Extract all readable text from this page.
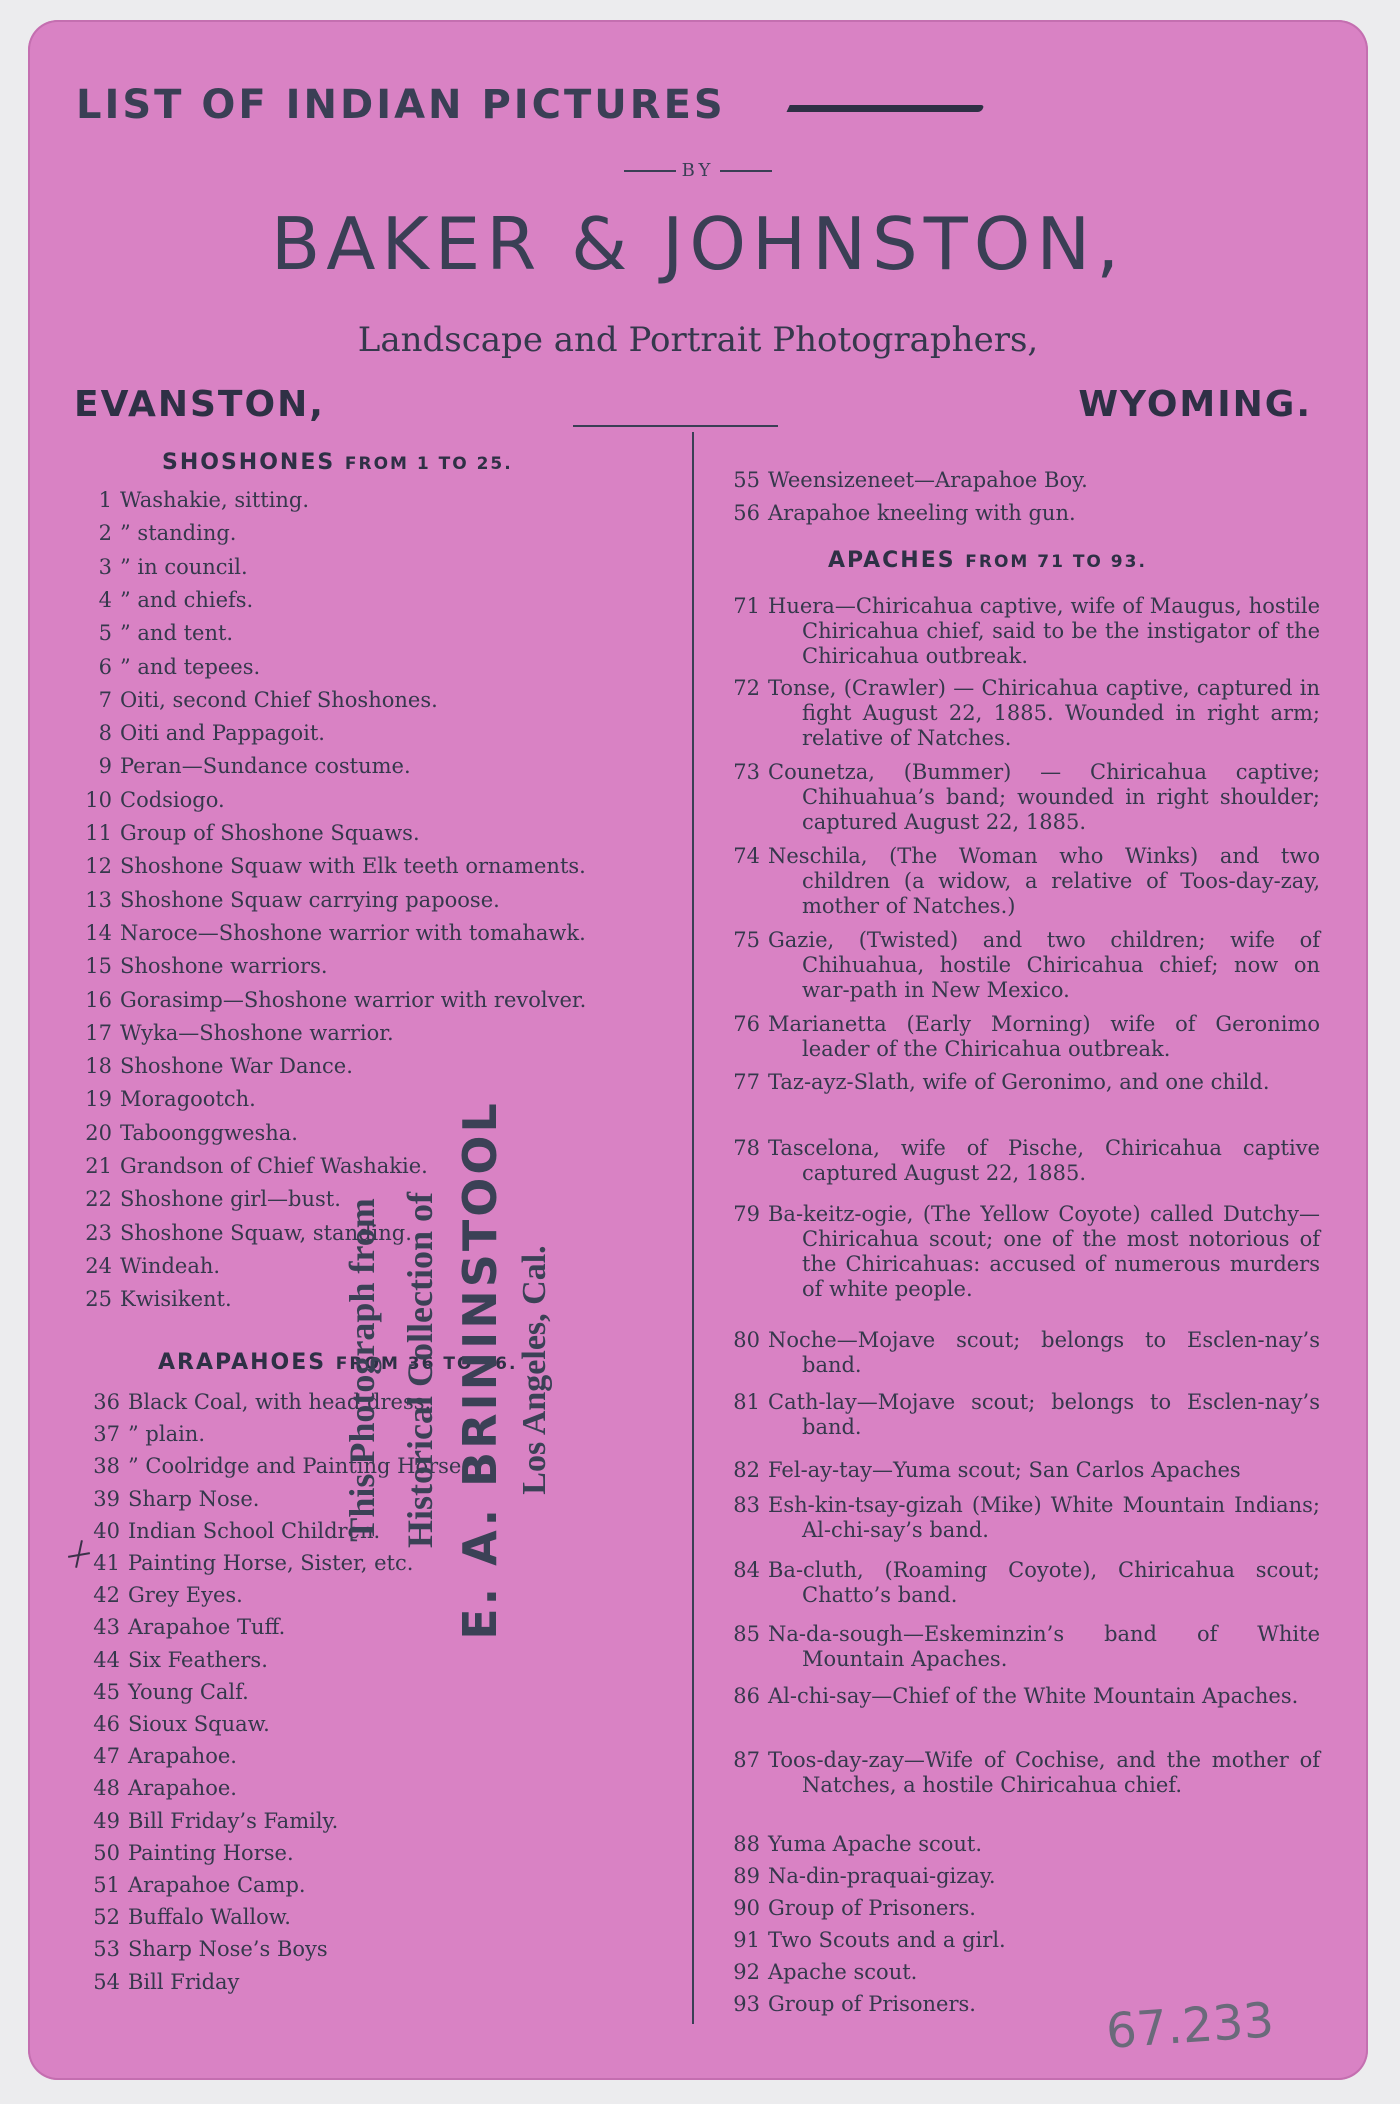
LIST OF INDIAN PICTURES
BY
BAKER & JOHNSTON,
Landscape and Portrait Photographers,
EVANSTON,	WYOMING.
SHOSHONES FROM 1 TO 25.
ARAPAHOES FROM 36 TO 56.
APACHES FROM 71 TO 93.
1 Washakie, sitting.
2 ” standing.
3 ” in council.
4 ” and chiefs.
5 ” and tent.
6 ” and tepees.
7 Oiti, second Chief Shoshones.
8 Oiti and Pappagoit.
9 Peran—Sundance costume.
10 Codsiogo.
11 Group of Shoshone Squaws.
12 Shoshone Squaw with Elk teeth ornaments.
13 Shoshone Squaw carrying papoose.
14 Naroce—Shoshone warrior with tomahawk.
15 Shoshone warriors.
16 Gorasimp—Shoshone warrior with revolver.
17 Wyka—Shoshone warrior.
18 Shoshone War Dance.
19 Moragootch.
20 Taboonggwesha.
21 Grandson of Chief Washakie.
22 Shoshone girl—bust.
23 Shoshone Squaw, standing.
24 Windeah.
25 Kwisikent.
36 Black Coal, with head dress.
37 ” plain.
38 ” Coolridge and Painting Horse.
39 Sharp Nose.
40 Indian School Children.
41 Painting Horse, Sister, etc.
42 Grey Eyes.
43 Arapahoe Tuff.
44 Six Feathers.
45 Young Calf.
46 Sioux Squaw.
47 Arapahoe.
48 Arapahoe.
49 Bill Friday’s Family.
50 Painting Horse.
51 Arapahoe Camp.
52 Buffalo Wallow.
53 Sharp Nose’s Boys
54 Bill Friday
55 Weensizeneet—Arapahoe Boy.
56 Arapahoe kneeling with gun.
71 Huera—Chiricahua captive, wife of Maugus, hostile Chiricahua chief, said to be the instigator of the Chiricahua outbreak.
72 Tonse, (Crawler) — Chiricahua captive, captured in fight August 22, 1885. Wounded in right arm; relative of Natches.
73 Counetza, (Bummer) — Chiricahua captive; Chihuahua’s band; wounded in right shoulder; captured August 22, 1885.
74 Neschila, (The Woman who Winks) and two children (a widow, a relative of Toos-day-zay, mother of Natches.)
75 Gazie, (Twisted) and two children; wife of Chihuahua, hostile Chiricahua chief; now on war-path in New Mexico.
76 Marianetta (Early Morning) wife of Geronimo leader of the Chiricahua outbreak.
77 Taz-ayz-Slath, wife of Geronimo, and one child.
78 Tascelona, wife of Pische, Chiricahua captive captured August 22, 1885.
79 Ba-keitz-ogie, (The Yellow Coyote) called Dutchy—Chiricahua scout; one of the most notorious of the Chiricahuas: accused of numerous murders of white people.
80 Noche—Mojave scout; belongs to Esclen-nay’s band.
81 Cath-lay—Mojave scout; belongs to Esclen-nay’s band.
82 Fel-ay-tay—Yuma scout; San Carlos Apaches
83 Esh-kin-tsay-gizah (Mike) White Mountain Indians; Al-chi-say’s band.
84 Ba-cluth, (Roaming Coyote), Chiricahua scout; Chatto’s band.
85 Na-da-sough—Eskeminzin’s band of White Mountain Apaches.
86 Al-chi-say—Chief of the White Mountain Apaches.
87 Toos-day-zay—Wife of Cochise, and the mother of Natches, a hostile Chiricahua chief.
88 Yuma Apache scout.
89 Na-din-praquai-gizay.
90 Group of Prisoners.
91 Two Scouts and a girl.
92 Apache scout.
93 Group of Prisoners.
This Photograph from Historical Collection of E. A. BRININSTOOL Los Angeles, Cal.
67.233
